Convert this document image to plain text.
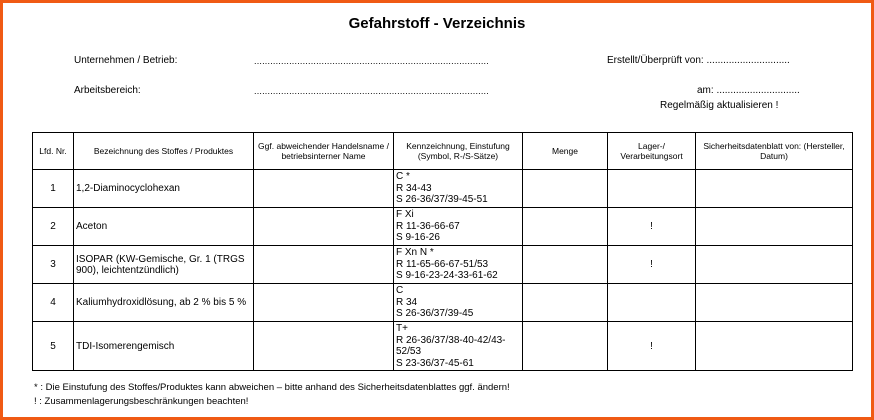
Gefahrstoff - Verzeichnis
Unternehmen / Betrieb:	.......................................................................................	Erstellt/Überprüft von: ..............................
Arbeitsbereich:	.......................................................................................	am: ..............................
Regelmäßig aktualisieren !
Lfd. Nr.	Bezeichnung des Stoffes / Produktes	Ggf. abweichender Handelsname / betriebsinterner Name	Kennzeichnung, Einstufung (Symbol, R-/S-Sätze)	Menge	Lager-/ Verarbeitungsort	Sicherheitsdatenblatt von: (Hersteller, Datum)
1	1,2-Diaminocyclohexan		C *
R 34-43
S 26-36/37/39-45-51			

2	Aceton		F Xi
R 11-36-66-67
S 9-16-26		!	
3	ISOPAR (KW-Gemische, Gr. 1 (TRGS 900), leichtentzündlich)		F Xn N *
R 11-65-66-67-51/53
S 9-16-23-24-33-61-62		!	
4	Kaliumhydroxidlösung, ab 2 % bis 5 %		C
R 34
S 26-36/37/39-45			

5	TDI-Isomerengemisch		T+
R 26-36/37/38-40-42/43-
52/53
S 23-36/37-45-61		!	
* : Die Einstufung des Stoffes/Produktes kann abweichen – bitte anhand des Sicherheitsdatenblattes ggf. ändern!
! : Zusammenlagerungsbeschränkungen beachten!
